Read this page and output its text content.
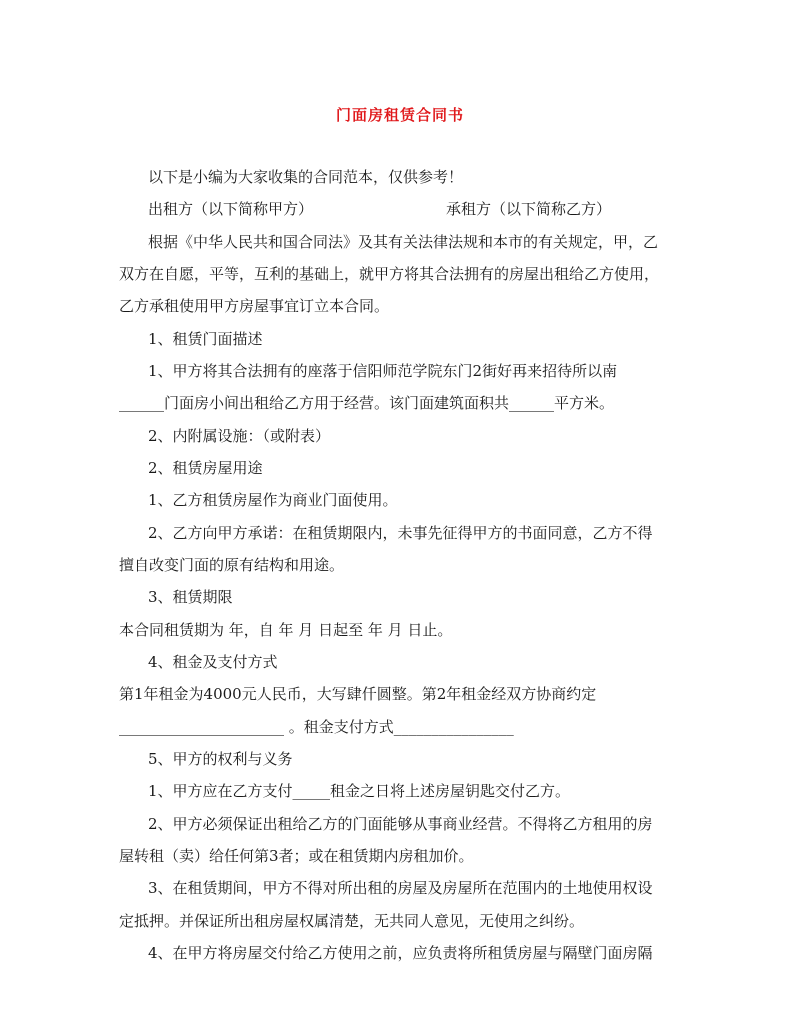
门面房租赁合同书
以下是小编为大家收集的合同范本，仅供参考！
出租方（以下简称甲方）	承租方（以下简称乙方）
根据《中华人民共和国合同法》及其有关法律法规和本市的有关规定，甲，乙
双方在自愿，平等，互利的基础上，就甲方将其合法拥有的房屋出租给乙方使用，
乙方承租使用甲方房屋事宜订立本合同。
1、租赁门面描述
1、甲方将其合法拥有的座落于信阳师范学院东门2街好再来招待所以南
______门面房小间出租给乙方用于经营。该门面建筑面积共______平方米。
2、内附属设施：（或附表）
2、租赁房屋用途
1、乙方租赁房屋作为商业门面使用。
2、乙方向甲方承诺：在租赁期限内，未事先征得甲方的书面同意，乙方不得
擅自改变门面的原有结构和用途。
3、租赁期限
本合同租赁期为 年，自 年 月 日起至 年 月 日止。
4、租金及支付方式
第1年租金为4000元人民币，大写肆仟圆整。第2年租金经双方协商约定
______________________ 。租金支付方式________________
5、甲方的权利与义务
1、甲方应在乙方支付_____租金之日将上述房屋钥匙交付乙方。
2、甲方必须保证出租给乙方的门面能够从事商业经营。不得将乙方租用的房
屋转租（卖）给任何第3者；或在租赁期内房租加价。
3、在租赁期间，甲方不得对所出租的房屋及房屋所在范围内的土地使用权设
定抵押。并保证所出租房屋权属清楚，无共同人意见，无使用之纠纷。
4、在甲方将房屋交付给乙方使用之前，应负责将所租赁房屋与隔壁门面房隔
